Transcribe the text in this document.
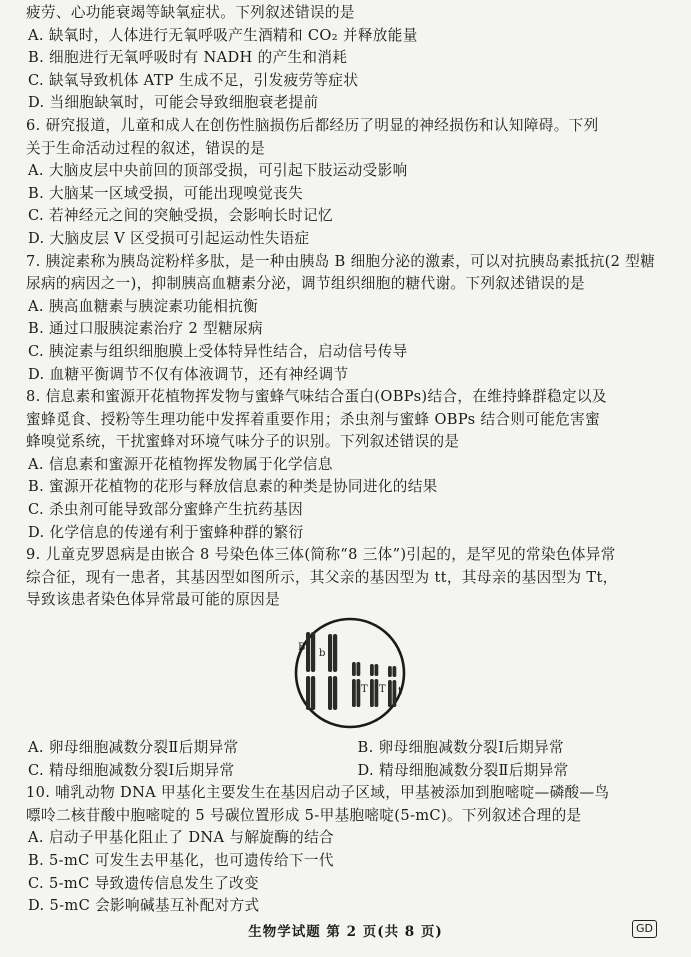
疲劳、心功能衰竭等缺氧症状。下列叙述错误的是
A. 缺氧时，人体进行无氧呼吸产生酒精和 CO₂ 并释放能量
B. 细胞进行无氧呼吸时有 NADH 的产生和消耗
C. 缺氧导致机体 ATP 生成不足，引发疲劳等症状
D. 当细胞缺氧时，可能会导致细胞衰老提前
6. 研究报道，儿童和成人在创伤性脑损伤后都经历了明显的神经损伤和认知障碍。下列
关于生命活动过程的叙述，错误的是
A. 大脑皮层中央前回的顶部受损，可引起下肢运动受影响
B. 大脑某一区域受损，可能出现嗅觉丧失
C. 若神经元之间的突触受损，会影响长时记忆
D. 大脑皮层 V 区受损可引起运动性失语症
7. 胰淀素称为胰岛淀粉样多肽，是一种由胰岛 B 细胞分泌的激素，可以对抗胰岛素抵抗(2 型糖
尿病的病因之一)，抑制胰高血糖素分泌，调节组织细胞的糖代谢。下列叙述错误的是
A. 胰高血糖素与胰淀素功能相抗衡
B. 通过口服胰淀素治疗 2 型糖尿病
C. 胰淀素与组织细胞膜上受体特异性结合，启动信号传导
D. 血糖平衡调节不仅有体液调节，还有神经调节
8. 信息素和蜜源开花植物挥发物与蜜蜂气味结合蛋白(OBPs)结合，在维持蜂群稳定以及
蜜蜂觅食、授粉等生理功能中发挥着重要作用；杀虫剂与蜜蜂 OBPs 结合则可能危害蜜
蜂嗅觉系统，干扰蜜蜂对环境气味分子的识别。下列叙述错误的是
A. 信息素和蜜源开花植物挥发物属于化学信息
B. 蜜源开花植物的花形与释放信息素的种类是协同进化的结果
C. 杀虫剂可能导致部分蜜蜂产生抗药基因
D. 化学信息的传递有利于蜜蜂种群的繁衍
9. 儿童克罗恩病是由嵌合 8 号染色体三体(简称“8 三体”)引起的，是罕见的常染色体异常
综合征，现有一患者，其基因型如图所示，其父亲的基因型为 tt，其母亲的基因型为 Tt，
导致该患者染色体异常最可能的原因是
B
b
T T t
A. 卵母细胞减数分裂Ⅱ后期异常	B. 卵母细胞减数分裂Ⅰ后期异常
C. 精母细胞减数分裂Ⅰ后期异常	D. 精母细胞减数分裂Ⅱ后期异常
10. 哺乳动物 DNA 甲基化主要发生在基因启动子区域，甲基被添加到胞嘧啶—磷酸—鸟
嘌呤二核苷酸中胞嘧啶的 5 号碳位置形成 5-甲基胞嘧啶(5-mC)。下列叙述合理的是
A. 启动子甲基化阻止了 DNA 与解旋酶的结合
B. 5-mC 可发生去甲基化，也可遗传给下一代
C. 5-mC 导致遗传信息发生了改变
D. 5-mC 会影响碱基互补配对方式
生物学试题 第 2 页(共 8 页)	GD
